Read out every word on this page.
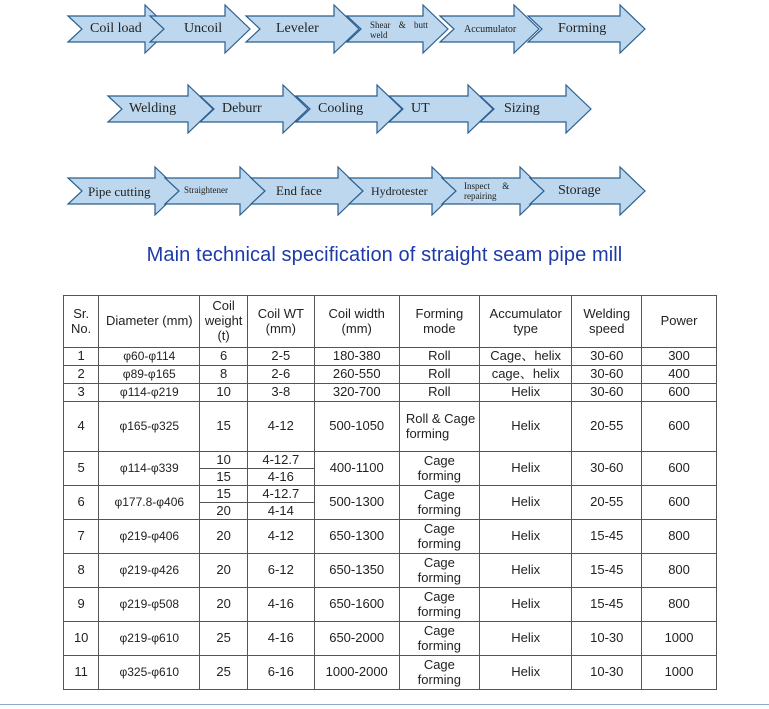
Coil load	Uncoil	Leveler	Shear & butt weld	Accumulator	Forming
Welding	Deburr	Cooling	UT	Sizing
Pipe cutting	Straightener	End face	Hydrotester	Inspect & repairing	Storage
Main technical specification of straight seam pipe mill
Sr. No.	Diameter (mm)	Coil weight (t)	Coil WT (mm)	Coil width (mm)	Forming mode	Accumulator type	Welding speed	Power
1	φ60-φ114	6	2-5	180-380	Roll	Cage、helix	30-60	300
2	φ89-φ165	8	2-6	260-550	Roll	cage、helix	30-60	400
3	φ114-φ219	10	3-8	320-700	Roll	Helix	30-60	600
4	φ165-φ325	15	4-12	500-1050	Roll & Cage forming	Helix	20-55	600
5	φ114-φ339	10	4-12.7	400-1100	Cage forming	Helix	30-60	600
		15	4-16					
6	φ177.8-φ406	15	4-12.7	500-1300	Cage forming	Helix	20-55	600
		20	4-14					
7	φ219-φ406	20	4-12	650-1300	Cage forming	Helix	15-45	800
8	φ219-φ426	20	6-12	650-1350	Cage forming	Helix	15-45	800
9	φ219-φ508	20	4-16	650-1600	Cage forming	Helix	15-45	800
10	φ219-φ610	25	4-16	650-2000	Cage forming	Helix	10-30	1000
11	φ325-φ610	25	6-16	1000-2000	Cage forming	Helix	10-30	1000
